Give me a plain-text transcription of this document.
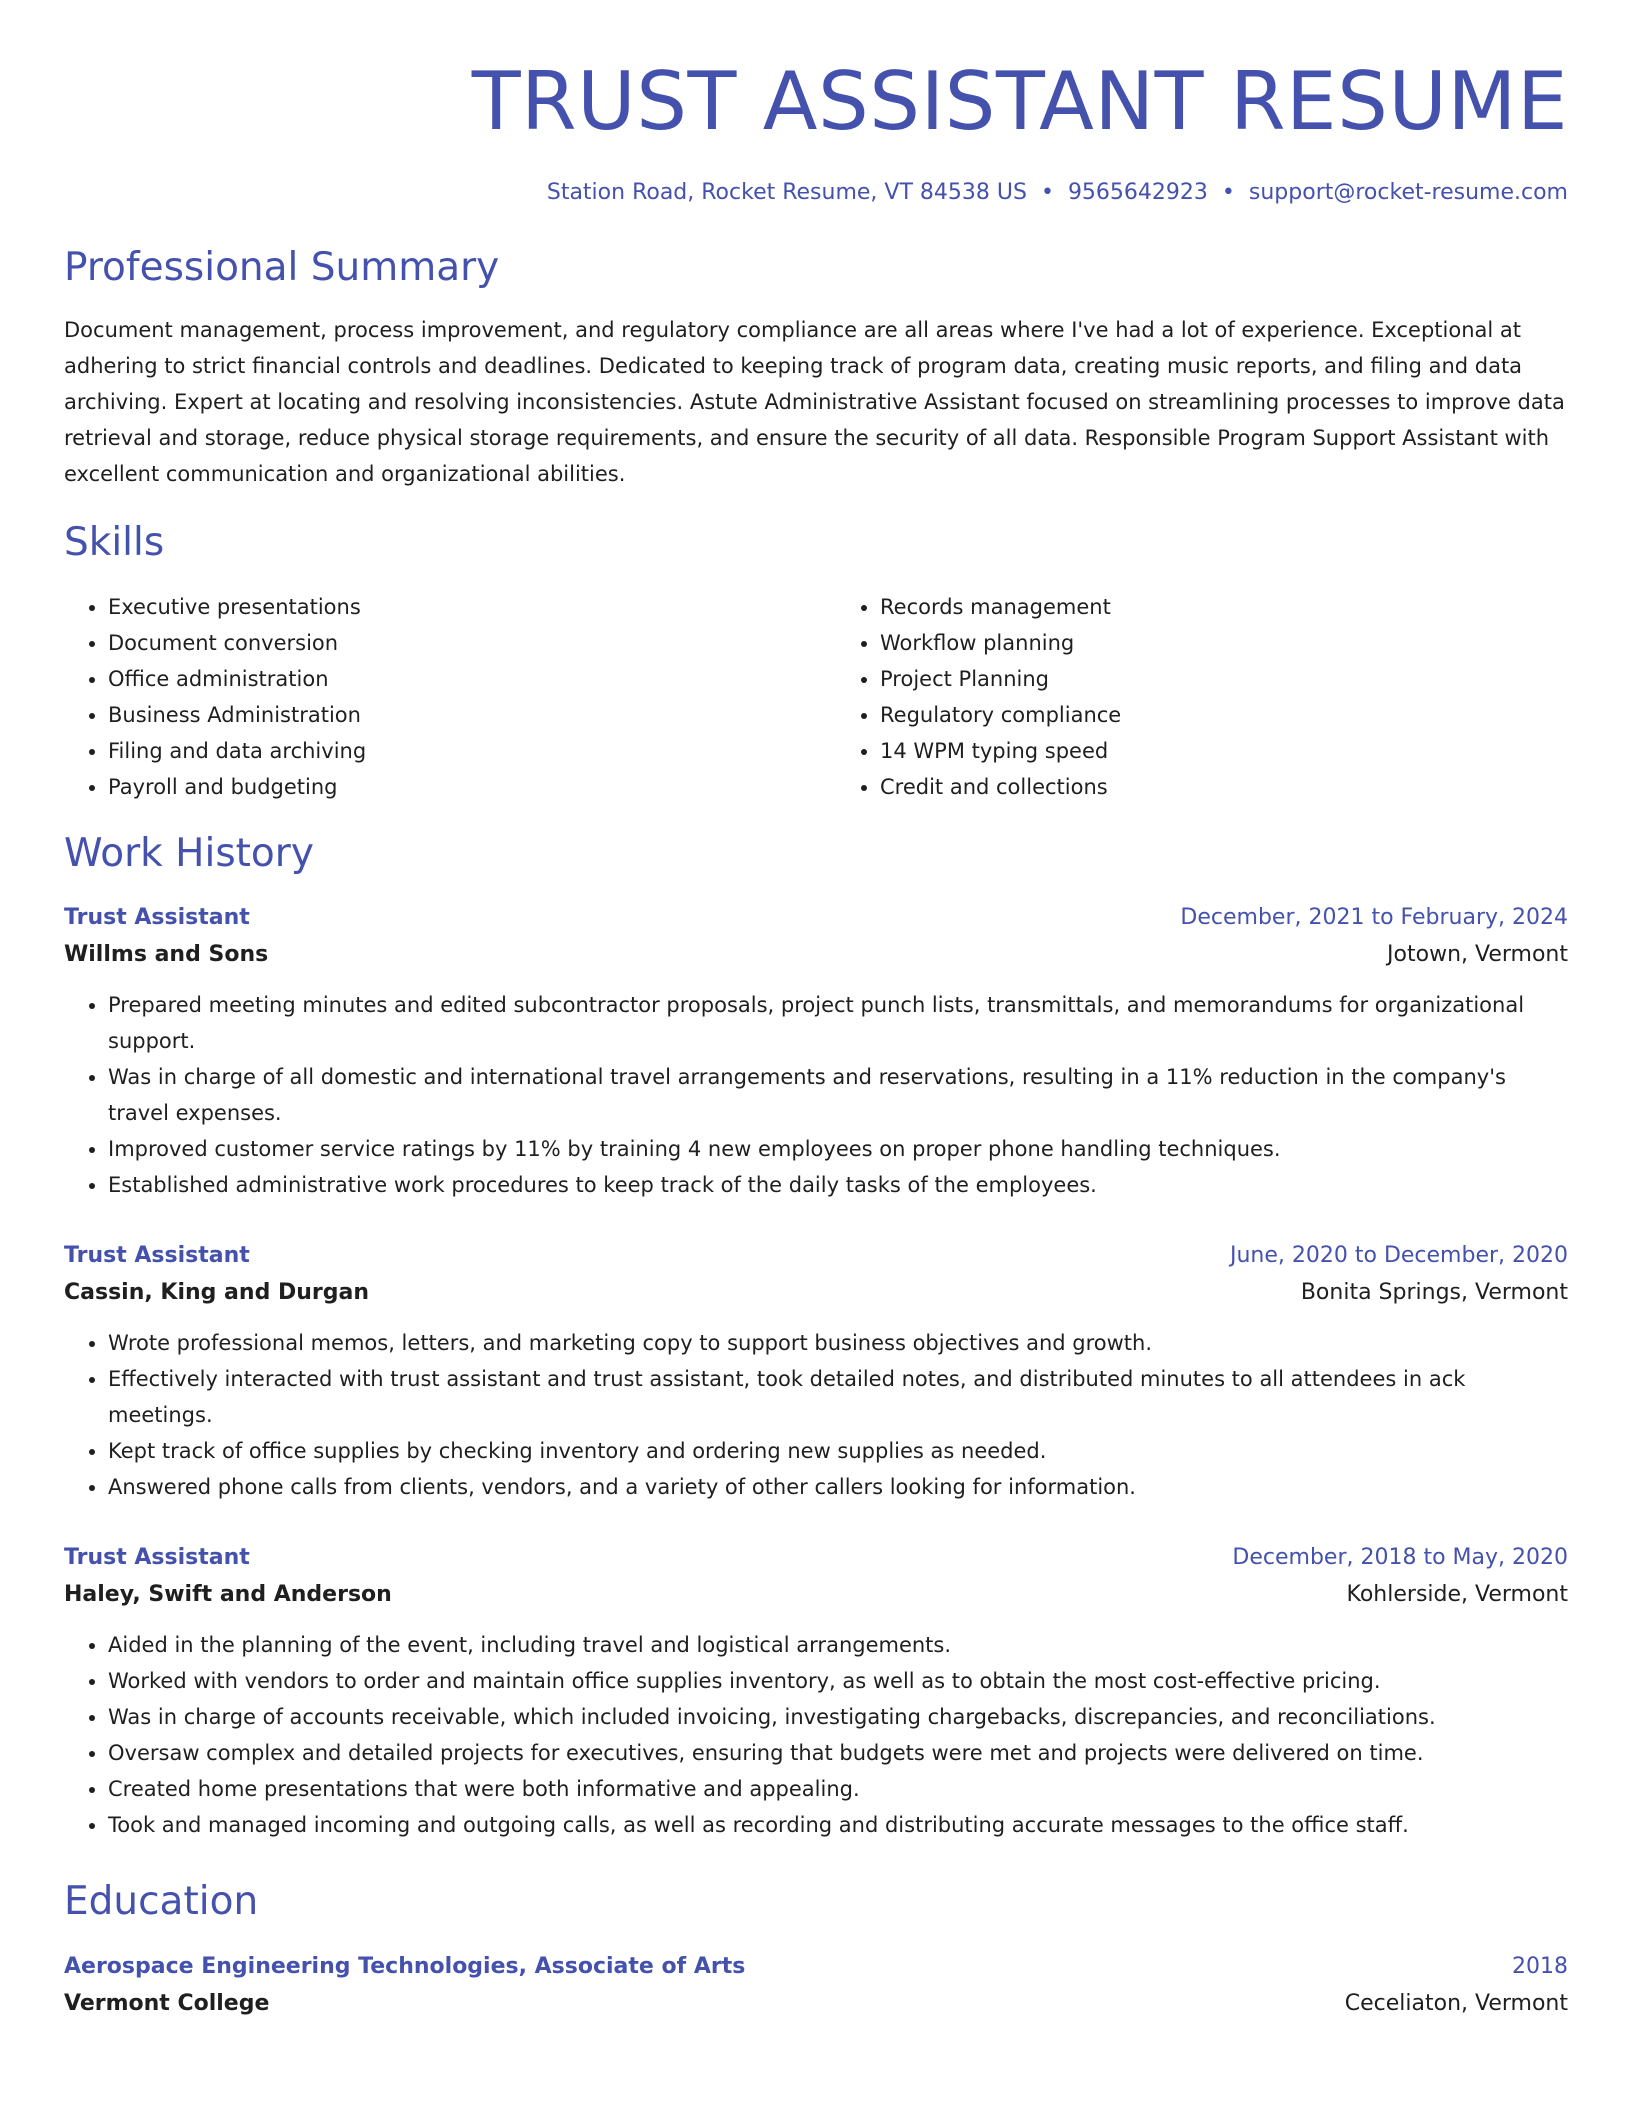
TRUST ASSISTANT RESUME
Station Road, Rocket Resume, VT 84538 US • 9565642923 • support@rocket-resume.com
Professional Summary
Document management, process improvement, and regulatory compliance are all areas where I've had a lot of experience. Exceptional at adhering to strict financial controls and deadlines. Dedicated to keeping track of program data, creating music reports, and filing and data archiving. Expert at locating and resolving inconsistencies. Astute Administrative Assistant focused on streamlining processes to improve data retrieval and storage, reduce physical storage requirements, and ensure the security of all data. Responsible Program Support Assistant with excellent communication and organizational abilities.
Skills
• Executive presentations
• Document conversion
• Office administration
• Business Administration
• Filing and data archiving
• Payroll and budgeting
• Records management
• Workflow planning
• Project Planning
• Regulatory compliance
• 14 WPM typing speed
• Credit and collections
Work History
Trust Assistant	December, 2021 to February, 2024
Willms and Sons	Jotown, Vermont
• Prepared meeting minutes and edited subcontractor proposals, project punch lists, transmittals, and memorandums for organizational support.
• Was in charge of all domestic and international travel arrangements and reservations, resulting in a 11% reduction in the company's travel expenses.
• Improved customer service ratings by 11% by training 4 new employees on proper phone handling techniques.
• Established administrative work procedures to keep track of the daily tasks of the employees.
Trust Assistant	June, 2020 to December, 2020
Cassin, King and Durgan	Bonita Springs, Vermont
• Wrote professional memos, letters, and marketing copy to support business objectives and growth.
• Effectively interacted with trust assistant and trust assistant, took detailed notes, and distributed minutes to all attendees in ack meetings.
• Kept track of office supplies by checking inventory and ordering new supplies as needed.
• Answered phone calls from clients, vendors, and a variety of other callers looking for information.
Trust Assistant	December, 2018 to May, 2020
Haley, Swift and Anderson	Kohlerside, Vermont
• Aided in the planning of the event, including travel and logistical arrangements.
• Worked with vendors to order and maintain office supplies inventory, as well as to obtain the most cost-effective pricing.
• Was in charge of accounts receivable, which included invoicing, investigating chargebacks, discrepancies, and reconciliations.
• Oversaw complex and detailed projects for executives, ensuring that budgets were met and projects were delivered on time.
• Created home presentations that were both informative and appealing.
• Took and managed incoming and outgoing calls, as well as recording and distributing accurate messages to the office staff.
Education
Aerospace Engineering Technologies, Associate of Arts	2018
Vermont College	Ceceliaton, Vermont
